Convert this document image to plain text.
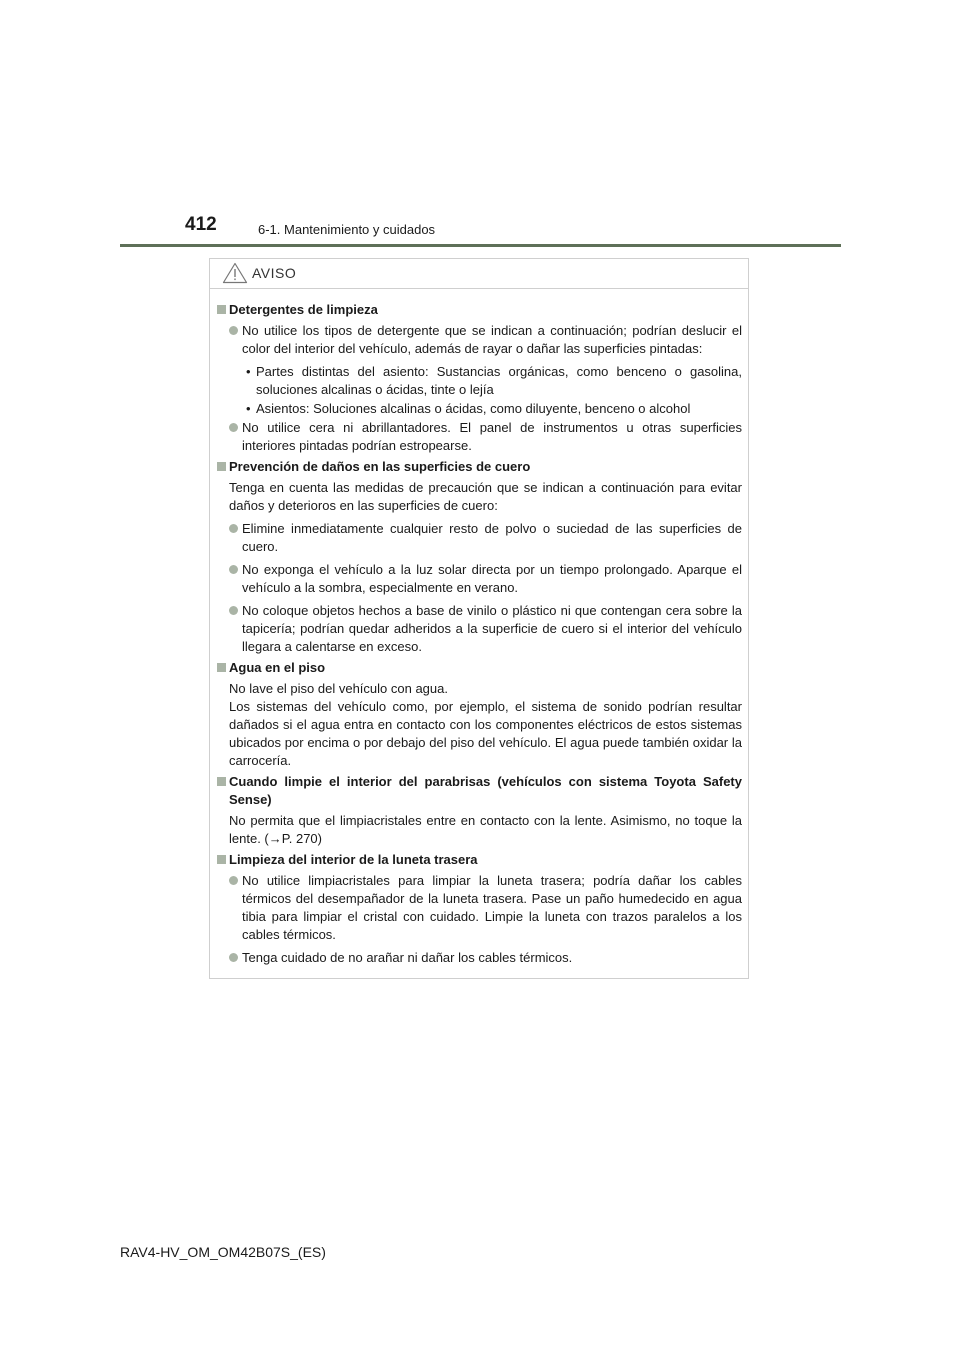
412	6-1. Mantenimiento y cuidados
AVISO
Detergentes de limpieza
No utilice los tipos de detergente que se indican a continuación; podrían deslucir el color del interior del vehículo, además de rayar o dañar las superficies pintadas:
• Partes distintas del asiento: Sustancias orgánicas, como benceno o gasolina, soluciones alcalinas o ácidas, tinte o lejía
• Asientos: Soluciones alcalinas o ácidas, como diluyente, benceno o alcohol
No utilice cera ni abrillantadores. El panel de instrumentos u otras superficies interiores pintadas podrían estropearse.
Prevención de daños en las superficies de cuero
Tenga en cuenta las medidas de precaución que se indican a continuación para evitar daños y deterioros en las superficies de cuero:
Elimine inmediatamente cualquier resto de polvo o suciedad de las superficies de cuero.
No exponga el vehículo a la luz solar directa por un tiempo prolongado. Aparque el vehículo a la sombra, especialmente en verano.
No coloque objetos hechos a base de vinilo o plástico ni que contengan cera sobre la tapicería; podrían quedar adheridos a la superficie de cuero si el interior del vehículo llegara a calentarse en exceso.
Agua en el piso
No lave el piso del vehículo con agua.
Los sistemas del vehículo como, por ejemplo, el sistema de sonido podrían resultar dañados si el agua entra en contacto con los componentes eléctricos de estos sistemas ubicados por encima o por debajo del piso del vehículo. El agua puede también oxidar la carrocería.
Cuando limpie el interior del parabrisas (vehículos con sistema Toyota Safety Sense)
No permita que el limpiacristales entre en contacto con la lente. Asimismo, no toque la lente. (→P. 270)
Limpieza del interior de la luneta trasera
No utilice limpiacristales para limpiar la luneta trasera; podría dañar los cables térmicos del desempañador de la luneta trasera. Pase un paño humedecido en agua tibia para limpiar el cristal con cuidado. Limpie la luneta con trazos paralelos a los cables térmicos.
Tenga cuidado de no arañar ni dañar los cables térmicos.
RAV4-HV_OM_OM42B07S_(ES)
